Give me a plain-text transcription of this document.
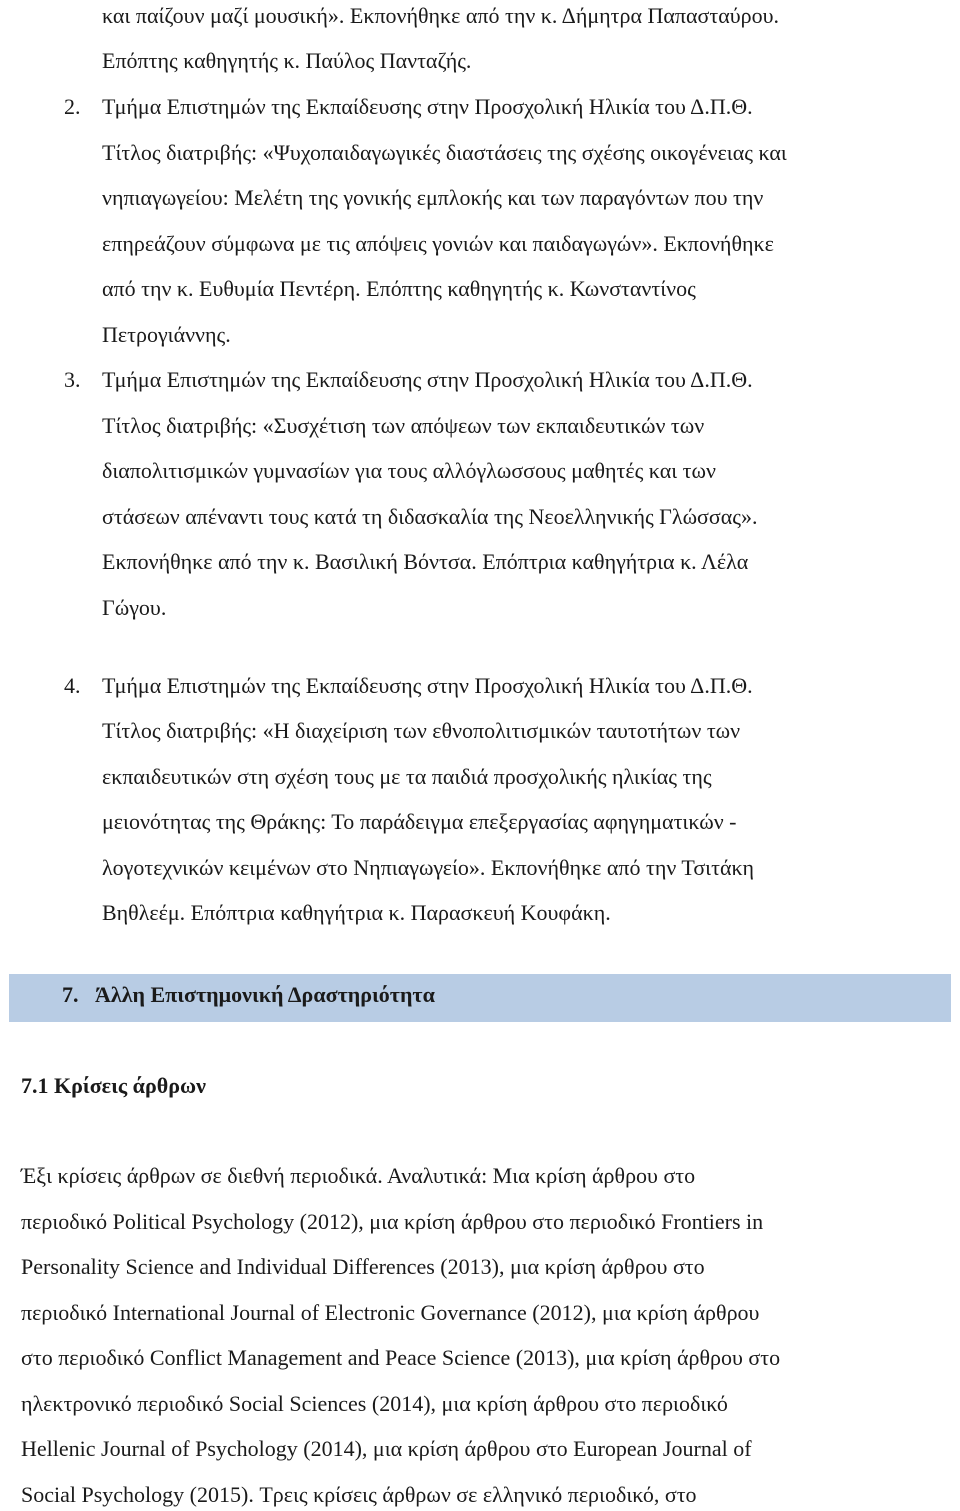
και παίζουν μαζί μουσική». Εκπονήθηκε από την κ. Δήμητρα Παπασταύρου.
Επόπτης καθηγητής κ. Παύλος Πανταζής.
2. Τμήμα Επιστημών της Εκπαίδευσης στην Προσχολική Ηλικία του Δ.Π.Θ.
Τίτλος διατριβής: «Ψυχοπαιδαγωγικές διαστάσεις της σχέσης οικογένειας και
νηπιαγωγείου: Μελέτη της γονικής εμπλοκής και των παραγόντων που την
επηρεάζουν σύμφωνα με τις απόψεις γονιών και παιδαγωγών». Εκπονήθηκε
από την κ. Ευθυμία Πεντέρη. Επόπτης καθηγητής κ. Κωνσταντίνος
Πετρογιάννης.
3. Τμήμα Επιστημών της Εκπαίδευσης στην Προσχολική Ηλικία του Δ.Π.Θ.
Τίτλος διατριβής: «Συσχέτιση των απόψεων των εκπαιδευτικών των
διαπολιτισμικών γυμνασίων για τους αλλόγλωσσους μαθητές και των
στάσεων απέναντι τους κατά τη διδασκαλία της Νεοελληνικής Γλώσσας».
Εκπονήθηκε από την κ. Βασιλική Βόντσα. Επόπτρια καθηγήτρια κ. Λέλα
Γώγου.
4. Τμήμα Επιστημών της Εκπαίδευσης στην Προσχολική Ηλικία του Δ.Π.Θ.
Τίτλος διατριβής: «Η διαχείριση των εθνοπολιτισμικών ταυτοτήτων των
εκπαιδευτικών στη σχέση τους με τα παιδιά προσχολικής ηλικίας της
μειονότητας της Θράκης: Το παράδειγμα επεξεργασίας αφηγηματικών -
λογοτεχνικών κειμένων στο Νηπιαγωγείο». Εκπονήθηκε από την Τσιτάκη
Βηθλεέμ. Επόπτρια καθηγήτρια κ. Παρασκευή Κουφάκη.
7. Άλλη Επιστημονική Δραστηριότητα
7.1 Κρίσεις άρθρων
Έξι κρίσεις άρθρων σε διεθνή περιοδικά. Αναλυτικά: Μια κρίση άρθρου στο
περιοδικό Political Psychology (2012), μια κρίση άρθρου στο περιοδικό Frontiers in
Personality Science and Individual Differences (2013), μια κρίση άρθρου στο
περιοδικό International Journal of Electronic Governance (2012), μια κρίση άρθρου
στο περιοδικό Conflict Management and Peace Science (2013), μια κρίση άρθρου στο
ηλεκτρονικό περιοδικό Social Sciences (2014), μια κρίση άρθρου στο περιοδικό
Hellenic Journal of Psychology (2014), μια κρίση άρθρου στο European Journal of
Social Psychology (2015). Τρεις κρίσεις άρθρων σε ελληνικό περιοδικό, στο
